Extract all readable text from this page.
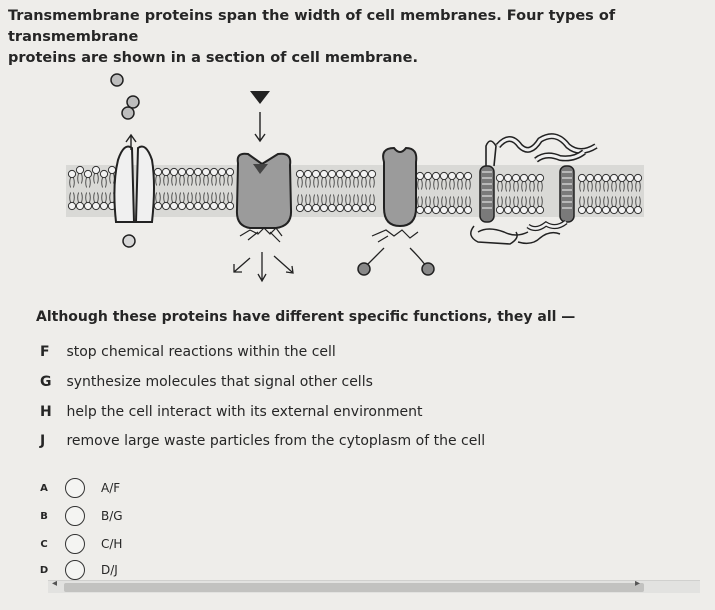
Transmembrane proteins span the width of cell membranes. Four types of transmembrane
proteins are shown in a section of cell membrane.
Although these proteins have different specific functions, they all —
F stop chemical reactions within the cell
G synthesize molecules that signal other cells
H help the cell interact with its external environment
J remove large waste particles from the cytoplasm of the cell
A	A/F
B	B/G
C	C/H
D	D/J
◂	▸
